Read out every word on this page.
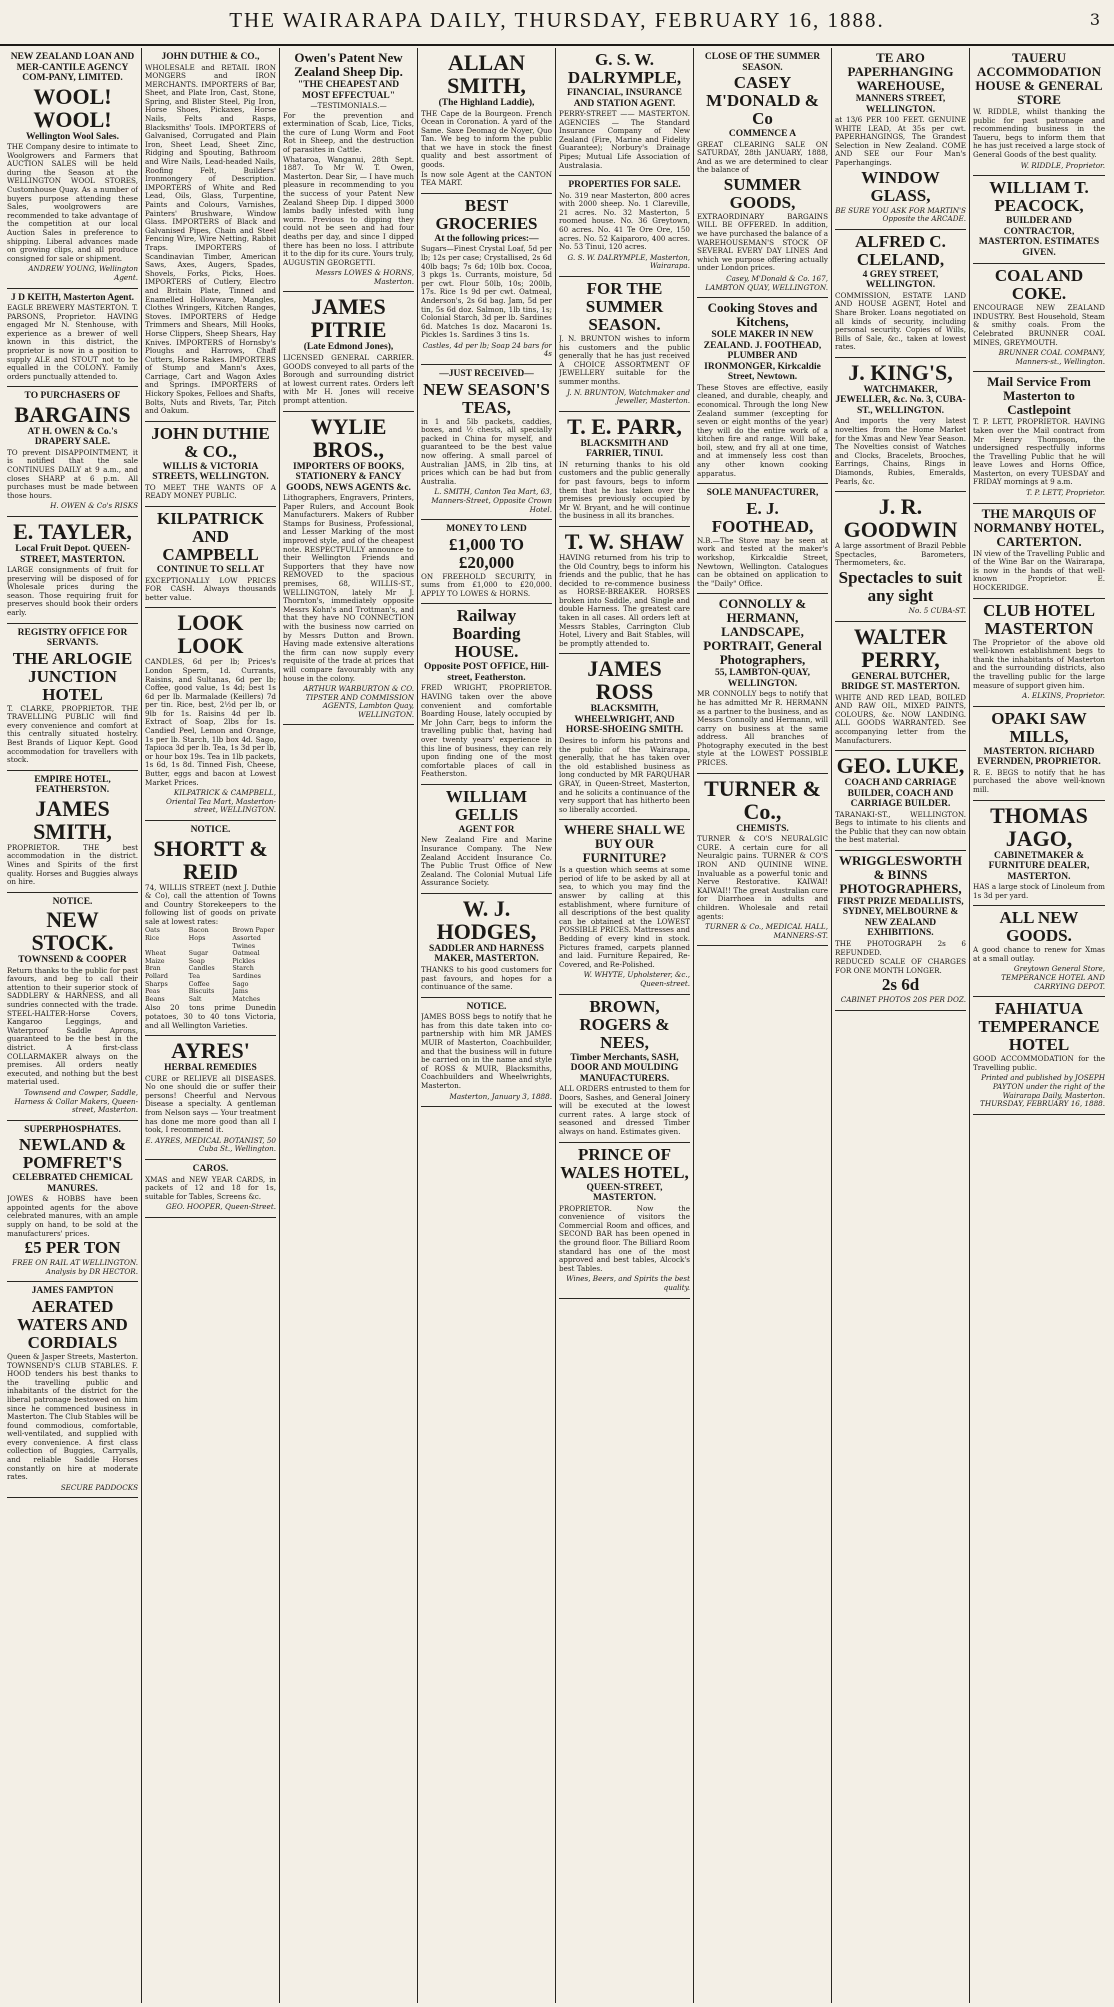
THE WAIRARAPA DAILY, THURSDAY, FEBRUARY 16, 1888.	3
NEW ZEALAND LOAN AND MER-CANTILE AGENCY COM-PANY, LIMITED.
WOOL! WOOL!
Wellington Wool Sales.

THE Company desire to intimate to Woolgrowers and Farmers that AUCTION SALES will be held during the Season at the WELLINGTON WOOL STORES, Customhouse Quay. As a number of buyers purpose attending these Sales, woolgrowers are recommended to take advantage of the competition at our local Auction Sales in preference to shipping. Liberal advances made on growing clips, and all produce consigned for sale or shipment.

ANDREW YOUNG, Wellington Agent.

J D KEITH, Masterton Agent.

EAGLE BREWERY MASTERTON. T. PARSONS, Proprietor. HAVING engaged Mr N. Stenhouse, with experience as a brewer of well known in this district, the proprietor is now in a position to supply ALE and STOUT not to be equalled in the COLONY. Family orders punctually attended to.

TO PURCHASERS OF
BARGAINS
AT H. OWEN & Co.'s DRAPERY SALE.

TO prevent DISAPPOINTMENT, it is notified that the sale CONTINUES DAILY at 9 a.m., and closes SHARP at 6 p.m. All purchases must be made between those hours.

H. OWEN & Co's RISKS

E. TAYLER,
Local Fruit Depot. QUEEN-STREET, MASTERTON.

LARGE consignments of fruit for preserving will be disposed of for Wholesale prices during the season. Those requiring fruit for preserves should book their orders early.

REGISTRY OFFICE FOR SERVANTS.
THE ARLOGIE JUNCTION HOTEL

T. CLARKE, PROPRIETOR. THE TRAVELLING PUBLIC will find every convenience and comfort at this centrally situated hostelry. Best Brands of Liquor Kept. Good accommodation for travellers with stock.

EMPIRE HOTEL, FEATHERSTON.
JAMES SMITH,

PROPRIETOR. THE best accommodation in the district. Wines and Spirits of the first quality. Horses and Buggies always on hire.

NOTICE.
NEW STOCK.
TOWNSEND & COOPER

Return thanks to the public for past favours, and beg to call their attention to their superior stock of SADDLERY & HARNESS, and all sundries connected with the trade. STEEL-HALTER-Horse Covers, Kangaroo Leggings, and Waterproof Saddle Aprons, guaranteed to be the best in the district. A first-class COLLARMAKER always on the premises. All orders neatly executed, and nothing but the best material used.

Townsend and Cowper, Saddle, Harness & Collar Makers, Queen-street, Masterton.

SUPERPHOSPHATES.
NEWLAND & POMFRET'S
CELEBRATED CHEMICAL MANURES.

JOWES & HOBBS have been appointed agents for the above celebrated manures, with an ample supply on hand, to be sold at the manufacturers' prices.

£5 PER TON

FREE ON RAIL AT WELLINGTON. Analysis by DR HECTOR.

JAMES FAMPTON
AERATED WATERS AND CORDIALS

Queen & Jasper Streets, Masterton. TOWNSEND'S CLUB STABLES. F. HOOD tenders his best thanks to the travelling public and inhabitants of the district for the liberal patronage bestowed on him since he commenced business in Masterton. The Club Stables will be found commodious, comfortable, well-ventilated, and supplied with every convenience. A first class collection of Buggies, Carryalls, and reliable Saddle Horses constantly on hire at moderate rates.

SECURE PADDOCKS

JOHN DUTHIE & CO.,

WHOLESALE and RETAIL IRON MONGERS and IRON MERCHANTS. IMPORTERS of Bar, Sheet, and Plate Iron, Cast, Stone, Spring, and Blister Steel, Pig Iron, Horse Shoes, Pickaxes, Horse Nails, Felts and Rasps, Blacksmiths' Tools. IMPORTERS of Galvanised, Corrugated and Plain Iron, Sheet Lead, Sheet Zinc, Ridging and Spouting, Bathroom and Wire Nails, Lead-headed Nails, Roofing Felt, Builders' Ironmongery of Description. IMPORTERS of White and Red Lead, Oils, Glass, Turpentine, Paints and Colours, Varnishes, Painters' Brushware, Window Glass. IMPORTERS of Black and Galvanised Pipes, Chain and Steel Fencing Wire, Wire Netting, Rabbit Traps. IMPORTERS of Scandinavian Timber, American Saws, Axes, Augers, Spades, Shovels, Forks, Picks, Hoes. IMPORTERS of Cutlery, Electro and Britain Plate, Tinned and Enamelled Hollowware, Mangles, Clothes Wringers, Kitchen Ranges, Stoves. IMPORTERS of Hedge Trimmers and Shears, Mill Hooks, Horse Clippers, Sheep Shears, Hay Knives. IMPORTERS of Hornsby's Ploughs and Harrows, Chaff Cutters, Horse Rakes. IMPORTERS of Stump and Mann's Axes, Carriage, Cart and Wagon Axles and Springs. IMPORTERS of Hickory Spokes, Felloes and Shafts, Bolts, Nuts and Rivets, Tar, Pitch and Oakum.

JOHN DUTHIE & CO.,
WILLIS & VICTORIA STREETS, WELLINGTON.

TO MEET THE WANTS OF A READY MONEY PUBLIC.

KILPATRICK AND CAMPBELL
CONTINUE TO SELL AT

EXCEPTIONALLY LOW PRICES FOR CASH. Always thousands better value.

LOOK LOOK

CANDLES, 6d per lb; Prices's London Sperm, 1d. Currants, Raisins, and Sultanas, 6d per lb; Coffee, good value, 1s 4d; best 1s 6d per lb. Marmalade (Keillers) 7d per tin. Rice, best, 2½d per lb, or 9lb for 1s. Raisins 4d per lb. Extract of Soap, 2lbs for 1s. Candied Peel, Lemon and Orange, 1s per lb. Starch, 1lb box 4d. Sago, Tapioca 3d per lb. Tea, 1s 3d per lb, or hour box 19s. Tea in 1lb packets, 1s 6d, 1s 8d. Tinned Fish, Cheese, Butter, eggs and bacon at Lowest Market Prices.

KILPATRICK & CAMPBELL, Oriental Tea Mart, Masterton-street, WELLINGTON.

NOTICE.
SHORTT & REID

74, WILLIS STREET (next J. Duthie & Co), call the attention of Towns and Country Storekeepers to the following list of goods on private sale at lowest rates:

Oats	Bacon	Brown Paper
Rice	Hops	Assorted Twines
Wheat	Sugar	Oatmeal
Maize	Soap	Pickles
Bran	Candles	Starch
Pollard	Tea	Sardines
Sharps	Coffee	Sago
Peas	Biscuits	Jams
Beans	Salt	Matches

Also 20 tons prime Dunedin potatoes, 30 to 40 tons Victoria, and all Wellington Varieties.

AYRES'
HERBAL REMEDIES

CURE or RELIEVE all DISEASES. No one should die or suffer their persons! Cheerful and Nervous Disease a specialty. A gentleman from Nelson says — Your treatment has done me more good than all I took, I recommend it.

E. AYRES, MEDICAL BOTANIST, 50 Cuba St., Wellington.

CAROS.

XMAS and NEW YEAR CARDS, in packets of 12 and 18 for 1s, suitable for Tables, Screens &c.

GEO. HOOPER, Queen-Street.

Owen's Patent New Zealand Sheep Dip.
"THE CHEAPEST AND MOST EFFECTUAL"

—TESTIMONIALS.—

For the prevention and extermination of Scab, Lice, Ticks, the cure of Lung Worm and Foot Rot in Sheep, and the destruction of parasites in Cattle.

Whataroa, Wanganui, 28th Sept. 1887. To Mr W. T. Owen, Masterton. Dear Sir, — I have much pleasure in recommending to you the success of your Patent New Zealand Sheep Dip. I dipped 3000 lambs badly infested with lung worm. Previous to dipping they could not be seen and had four deaths per day, and since I dipped there has been no loss. I attribute it to the dip for its cure. Yours truly, AUGUSTIN GEORGETTI.

Messrs LOWES & HORNS, Masterton.

JAMES PITRIE
(Late Edmond Jones),

LICENSED GENERAL CARRIER. GOODS conveyed to all parts of the Borough and surrounding district at lowest current rates. Orders left with Mr H. Jones will receive prompt attention.

WYLIE BROS.,
IMPORTERS OF BOOKS, STATIONERY & FANCY GOODS, NEWS AGENTS &c.

Lithographers, Engravers, Printers, Paper Rulers, and Account Book Manufacturers. Makers of Rubber Stamps for Business, Professional, and Lesser Marking of the most improved style, and of the cheapest note. RESPECTFULLY announce to their Wellington Friends and Supporters that they have now REMOVED to the spacious premises, 68, WILLIS-ST., WELLINGTON, lately Mr J. Thornton's, immediately opposite Messrs Kohn's and Trottman's, and that they have NO CONNECTION with the business now carried on by Messrs Dutton and Brown. Having made extensive alterations the firm can now supply every requisite of the trade at prices that will compare favourably with any house in the colony.

ARTHUR WARBURTON & CO. TIPSTER AND COMMISSION AGENTS, Lambton Quay, WELLINGTON.

ALLAN SMITH,
(The Highland Laddie),

THE Cape de la Bourgeon. French Ocean in Coronation. A yard of the Same. Saxe Deomag de Noyer, Quo Tan. We beg to inform the public that we have in stock the finest quality and best assortment of goods.

Is now sole Agent at the CANTON TEA MART.

BEST GROCERIES
At the following prices:—

Sugars—Finest Crystal Loaf, 5d per lb; 12s per case; Crystallised, 2s 6d 40lb bags; 7s 6d; 10lb box. Cocoa, 3 pkgs 1s. Currants, moisture, 5d per cwt. Flour 50lb, 10s; 200lb, 17s. Rice 1s 9d per cwt. Oatmeal, Anderson's, 2s 6d bag. Jam, 5d per tin, 5s 6d doz. Salmon, 1lb tins, 1s; Colonial Starch, 3d per lb. Sardines 6d. Matches 1s doz. Macaroni 1s. Pickles 1s. Sardines 3 tins 1s.

Castles, 4d per lb; Soap 24 bars for 4s

—JUST RECEIVED—
NEW SEASON'S TEAS,

in 1 and 5lb packets, caddies, boxes, and ½ chests, all specially packed in China for myself, and guaranteed to be the best value now offering. A small parcel of Australian JAMS, in 2lb tins, at prices which can be had but from Australia.

L. SMITH, Canton Tea Mart, 63, Manners-Street, Opposite Crown Hotel.

MONEY TO LEND
£1,000 TO £20,000

ON FREEHOLD SECURITY, in sums from £1,000 to £20,000. APPLY TO LOWES & HORNS.

Railway Boarding HOUSE.
Opposite POST OFFICE, Hill-street, Featherston.

FRED WRIGHT, PROPRIETOR. HAVING taken over the above convenient and comfortable Boarding House, lately occupied by Mr John Carr, begs to inform the travelling public that, having had over twenty years' experience in this line of business, they can rely upon finding one of the most comfortable places of call in Featherston.

WILLIAM GELLIS
AGENT FOR

New Zealand Fire and Marine Insurance Company. The New Zealand Accident Insurance Co. The Public Trust Office of New Zealand. The Colonial Mutual Life Assurance Society.

W. J. HODGES,
SADDLER AND HARNESS MAKER, MASTERTON.

THANKS to his good customers for past favours, and hopes for a continuance of the same.

NOTICE.

JAMES BOSS begs to notify that he has from this date taken into co-partnership with him MR JAMES MUIR of Masterton, Coachbuilder, and that the business will in future be carried on in the name and style of ROSS & MUIR, Blacksmiths, Coachbuilders and Wheelwrights, Masterton.

Masterton, January 3, 1888.

G. S. W. DALRYMPLE,
FINANCIAL, INSURANCE AND STATION AGENT.

PERRY-STREET —— MASTERTON. AGENCIES — The Standard Insurance Company of New Zealand (Fire, Marine and Fidelity Guarantee); Norbury's Drainage Pipes; Mutual Life Association of Australasia.

PROPERTIES FOR SALE.

No. 319 near Masterton, 800 acres with 2000 sheep. No. 1 Clareville, 21 acres. No. 32 Masterton, 5 roomed house. No. 36 Greytown, 60 acres. No. 41 Te Ore Ore, 150 acres. No. 52 Kaiparoro, 400 acres. No. 53 Tinui, 120 acres.

G. S. W. DALRYMPLE, Masterton, Wairarapa.

FOR THE SUMMER SEASON.

J. N. BRUNTON wishes to inform his customers and the public generally that he has just received A CHOICE ASSORTMENT OF JEWELLERY suitable for the summer months.

J. N. BRUNTON, Watchmaker and Jeweller, Masterton.

T. E. PARR,
BLACKSMITH AND FARRIER, TINUI.

IN returning thanks to his old customers and the public generally for past favours, begs to inform them that he has taken over the premises previously occupied by Mr W. Bryant, and he will continue the business in all its branches.

T. W. SHAW

HAVING returned from his trip to the Old Country, begs to inform his friends and the public, that he has decided to re-commence business as HORSE-BREAKER. HORSES broken into Saddle, and Single and double Harness. The greatest care taken in all cases. All orders left at Messrs Stables, Carrington Club Hotel, Livery and Bait Stables, will be promptly attended to.

JAMES ROSS
BLACKSMITH, WHEELWRIGHT, AND HORSE-SHOEING SMITH.

Desires to inform his patrons and the public of the Wairarapa, generally, that he has taken over the old established business as long conducted by MR FARQUHAR GRAY, in Queen-Street, Masterton, and he solicits a continuance of the very support that has hitherto been so liberally accorded.

WHERE SHALL WE BUY OUR FURNITURE?

Is a question which seems at some period of life to be asked by all at sea, to which you may find the answer by calling at this establishment, where furniture of all descriptions of the best quality can be obtained at the LOWEST POSSIBLE PRICES. Mattresses and Bedding of every kind in stock. Pictures framed, carpets planned and laid. Furniture Repaired, Re-Covered, and Re-Polished.

W. WHYTE, Upholsterer, &c., Queen-street.

BROWN, ROGERS & NEES,
Timber Merchants, SASH, DOOR AND MOULDING MANUFACTURERS.

ALL ORDERS entrusted to them for Doors, Sashes, and General Joinery will be executed at the lowest current rates. A large stock of seasoned and dressed Timber always on hand. Estimates given.

PRINCE OF WALES HOTEL,
QUEEN-STREET, MASTERTON.

PROPRIETOR. Now the convenience of visitors the Commercial Room and offices, and SECOND BAR has been opened in the ground floor. The Billiard Room standard has one of the most approved and best tables, Alcock's best Tables.

Wines, Beers, and Spirits the best quality.

CLOSE OF THE SUMMER SEASON.
CASEY M'DONALD & Co
COMMENCE A

GREAT CLEARING SALE ON SATURDAY, 28th JANUARY, 1888, And as we are determined to clear the balance of

SUMMER GOODS,

EXTRAORDINARY BARGAINS WILL BE OFFERED. In addition, we have purchased the balance of a WAREHOUSEMAN'S STOCK OF SEVERAL EVERY DAY LINES And which we purpose offering actually under London prices.

Casey, M'Donald & Co. 167, LAMBTON QUAY, WELLINGTON.

Cooking Stoves and Kitchens,
SOLE MAKER IN NEW ZEALAND. J. FOOTHEAD, PLUMBER AND IRONMONGER, Kirkcaldie Street, Newtown.

These Stoves are effective, easily cleaned, and durable, cheaply, and economical. Through the long New Zealand summer (excepting for seven or eight months of the year) they will do the entire work of a kitchen fire and range. Will bake, boil, stew, and fry all at one time, and at immensely less cost than any other known cooking apparatus.

SOLE MANUFACTURER,
E. J. FOOTHEAD,

N.B.—The Stove may be seen at work and tested at the maker's workshop, Kirkcaldie Street, Newtown, Wellington. Catalogues can be obtained on application to the "Daily" Office.

CONNOLLY & HERMANN, LANDSCAPE, PORTRAIT, General Photographers,
55, LAMBTON-QUAY, WELLINGTON.

MR CONNOLLY begs to notify that he has admitted Mr R. HERMANN as a partner to the business, and as Messrs Connolly and Hermann, will carry on business at the same address. All branches of Photography executed in the best style at the LOWEST POSSIBLE PRICES.

TURNER & Co.,
CHEMISTS.

TURNER & CO'S NEURALGIC CURE. A certain cure for all Neuralgic pains. TURNER & CO'S IRON AND QUININE WINE. Invaluable as a powerful tonic and Nerve Restorative. KAIWAI! KAIWAI!! The great Australian cure for Diarrhoea in adults and children. Wholesale and retail agents:

TURNER & Co., MEDICAL HALL, MANNERS-ST.

TE ARO PAPERHANGING WAREHOUSE,
MANNERS STREET, WELLINGTON.

at 13/6 PER 100 FEET. GENUINE WHITE LEAD, At 35s per cwt. PAPERHANGINGS, The Grandest Selection in New Zealand. COME AND SEE our Four Man's Paperhangings.

WINDOW GLASS,

BE SURE YOU ASK FOR MARTIN'S Opposite the ARCADE.

ALFRED C. CLELAND,
4 GREY STREET, WELLINGTON.

COMMISSION, ESTATE LAND AND HOUSE AGENT, Hotel and Share Broker. Loans negotiated on all kinds of security, including personal security. Copies of Wills, Bills of Sale, &c., taken at lowest rates.

J. KING'S,
WATCHMAKER, JEWELLER, &c. No. 3, CUBA-ST., WELLINGTON.

And imports the very latest novelties from the Home Market for the Xmas and New Year Season. The Novelties consist of Watches and Clocks, Bracelets, Brooches, Earrings, Chains, Rings in Diamonds, Rubies, Emeralds, Pearls, &c.

J. R. GOODWIN

A large assortment of Brazil Pebble Spectacles, Barometers, Thermometers, &c.

Spectacles to suit any sight

No. 5 CUBA-ST.

WALTER PERRY,
GENERAL BUTCHER, BRIDGE ST. MASTERTON.

WHITE AND RED LEAD, BOILED AND RAW OIL, MIXED PAINTS, COLOURS, &c. NOW LANDING. ALL GOODS WARRANTED. See accompanying letter from the Manufacturers.

GEO. LUKE,
COACH AND CARRIAGE BUILDER, COACH AND CARRIAGE BUILDER.

TARANAKI-ST., WELLINGTON. Begs to intimate to his clients and the Public that they can now obtain the best material.

WRIGGLESWORTH & BINNS PHOTOGRAPHERS,
FIRST PRIZE MEDALLISTS, SYDNEY, MELBOURNE & NEW ZEALAND EXHIBITIONS.

THE PHOTOGRAPH 2s 6 REFUNDED.

REDUCED SCALE OF CHARGES FOR ONE MONTH LONGER.

2s 6d

CABINET PHOTOS 20S PER DOZ.

TAUERU ACCOMMODATION HOUSE & GENERAL STORE

W. RIDDLE, whilst thanking the public for past patronage and recommending business in the Taueru, begs to inform them that he has just received a large stock of General Goods of the best quality.

W. RIDDLE, Proprietor.

WILLIAM T. PEACOCK,
BUILDER AND CONTRACTOR, MASTERTON. ESTIMATES GIVEN.
COAL AND COKE.

ENCOURAGE NEW ZEALAND INDUSTRY. Best Household, Steam & smithy coals. From the Celebrated BRUNNER COAL MINES, GREYMOUTH.

BRUNNER COAL COMPANY, Manners-st., Wellington.

Mail Service From Masterton to Castlepoint

T. P. LETT, PROPRIETOR. HAVING taken over the Mail contract from Mr Henry Thompson, the undersigned respectfully informs the Travelling Public that he will leave Lowes and Horns Office, Masterton, on every TUESDAY and FRIDAY mornings at 9 a.m.

T. P. LETT, Proprietor.

THE MARQUIS OF NORMANBY HOTEL, CARTERTON.

IN view of the Travelling Public and of the Wine Bar on the Wairarapa, is now in the hands of that well-known Proprietor. E. HOCKERIDGE.

CLUB HOTEL MASTERTON

The Proprietor of the above old well-known establishment begs to thank the inhabitants of Masterton and the surrounding districts, also the travelling public for the large measure of support given him.

A. ELKINS, Proprietor.

OPAKI SAW MILLS,
MASTERTON. RICHARD EVERNDEN, PROPRIETOR.

R. E. BEGS to notify that he has purchased the above well-known mill.

THOMAS JAGO,
CABINETMAKER & FURNITURE DEALER, MASTERTON.

HAS a large stock of Linoleum from 1s 3d per yard.

ALL NEW GOODS.

A good chance to renew for Xmas at a small outlay.

Greytown General Store, TEMPERANCE HOTEL AND CARRYING DEPOT.

FAHIATUA TEMPERANCE HOTEL

GOOD ACCOMMODATION for the Travelling public.

Printed and published by JOSEPH PAYTON under the right of the Wairarapa Daily, Masterton. THURSDAY, FEBRUARY 16, 1888.
